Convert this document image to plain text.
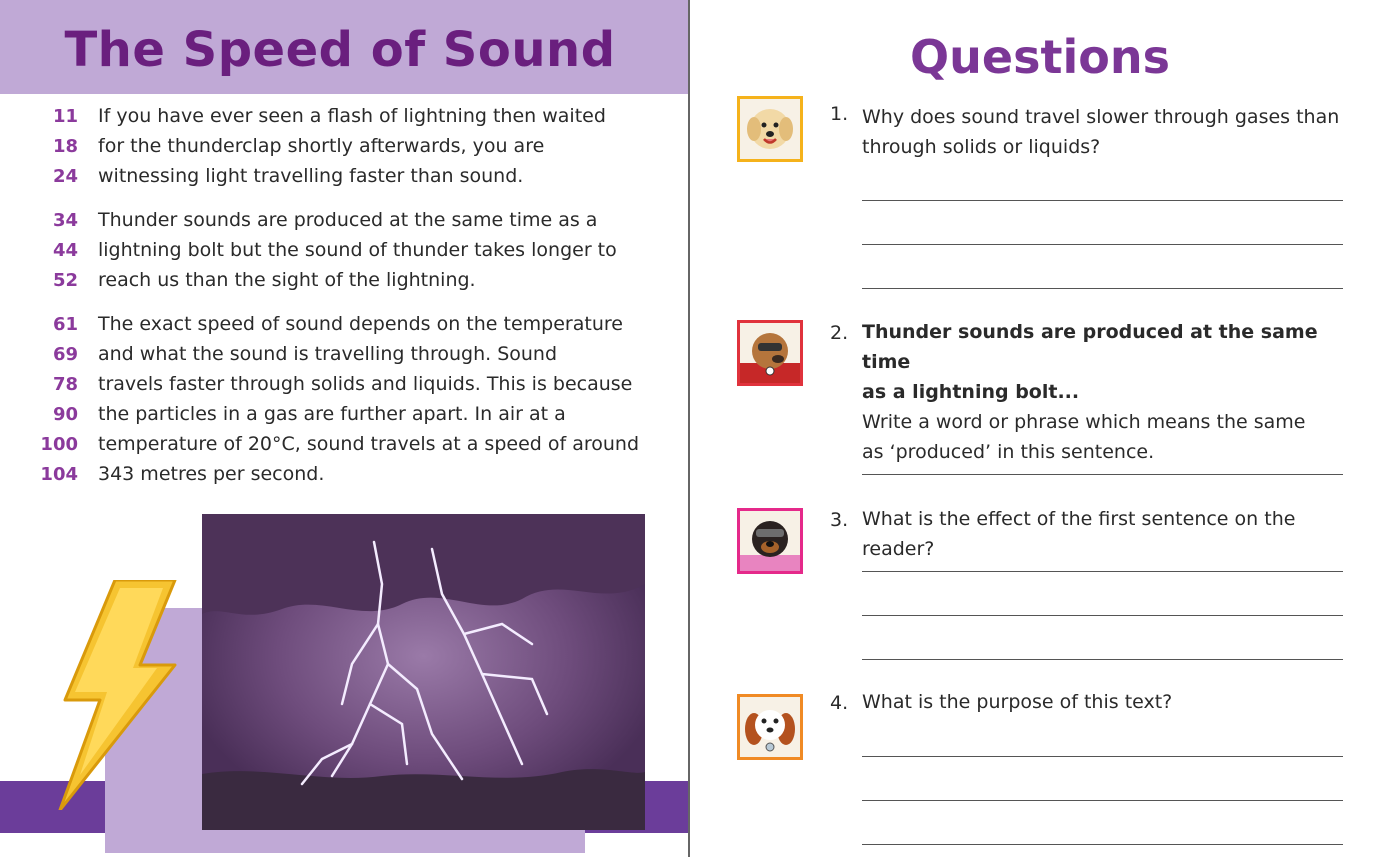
The Speed of Sound
11 If you have ever seen a flash of lightning then waited
18 for the thunderclap shortly afterwards, you are
24 witnessing light travelling faster than sound.
34 Thunder sounds are produced at the same time as a
44 lightning bolt but the sound of thunder takes longer to
52 reach us than the sight of the lightning.
61 The exact speed of sound depends on the temperature
69 and what the sound is travelling through. Sound
78 travels faster through solids and liquids. This is because
90 the particles in a gas are further apart. In air at a
100 temperature of 20°C, sound travels at a speed of around
104 343 metres per second.
Questions
1. Why does sound travel slower through gases than
through solids or liquids?
2. Thunder sounds are produced at the same time
as a lightning bolt...
Write a word or phrase which means the same
as ‘produced’ in this sentence.
3. What is the effect of the first sentence on the reader?
4. What is the purpose of this text?
